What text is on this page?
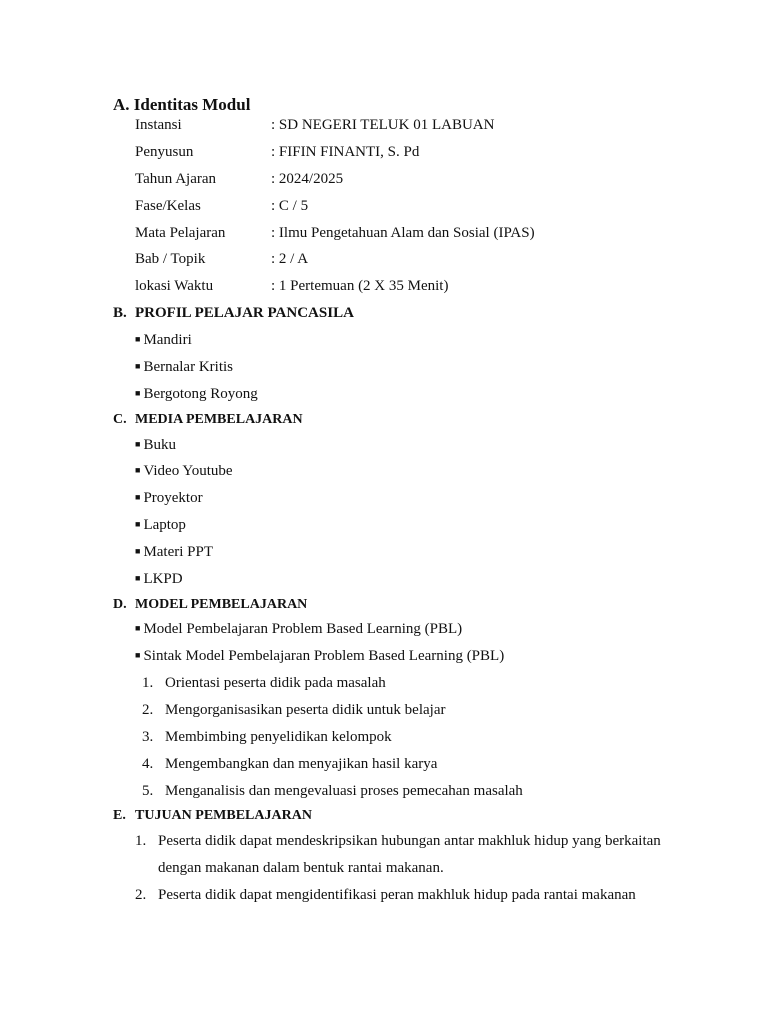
A. Identitas Modul
Instansi	: SD NEGERI TELUK 01 LABUAN
Penyusun	: FIFIN FINANTI, S. Pd
Tahun Ajaran	: 2024/2025
Fase/Kelas	: C / 5
Mata Pelajaran	: Ilmu Pengetahuan Alam dan Sosial (IPAS)
Bab / Topik	: 2 / A
lokasi Waktu	: 1 Pertemuan (2 X 35 Menit)
B. PROFIL PELAJAR PANCASILA
■ Mandiri
■ Bernalar Kritis
■ Bergotong Royong
C. MEDIA PEMBELAJARAN
■ Buku
■ Video Youtube
■ Proyektor
■ Laptop
■ Materi PPT
■ LKPD
D. MODEL PEMBELAJARAN
■ Model Pembelajaran Problem Based Learning (PBL)
■ Sintak Model Pembelajaran Problem Based Learning (PBL)
1. Orientasi peserta didik pada masalah
2. Mengorganisasikan peserta didik untuk belajar
3. Membimbing penyelidikan kelompok
4. Mengembangkan dan menyajikan hasil karya
5. Menganalisis dan mengevaluasi proses pemecahan masalah
E. TUJUAN PEMBELAJARAN
1. Peserta didik dapat mendeskripsikan hubungan antar makhluk hidup yang berkaitan
dengan makanan dalam bentuk rantai makanan.
2. Peserta didik dapat mengidentifikasi peran makhluk hidup pada rantai makanan
